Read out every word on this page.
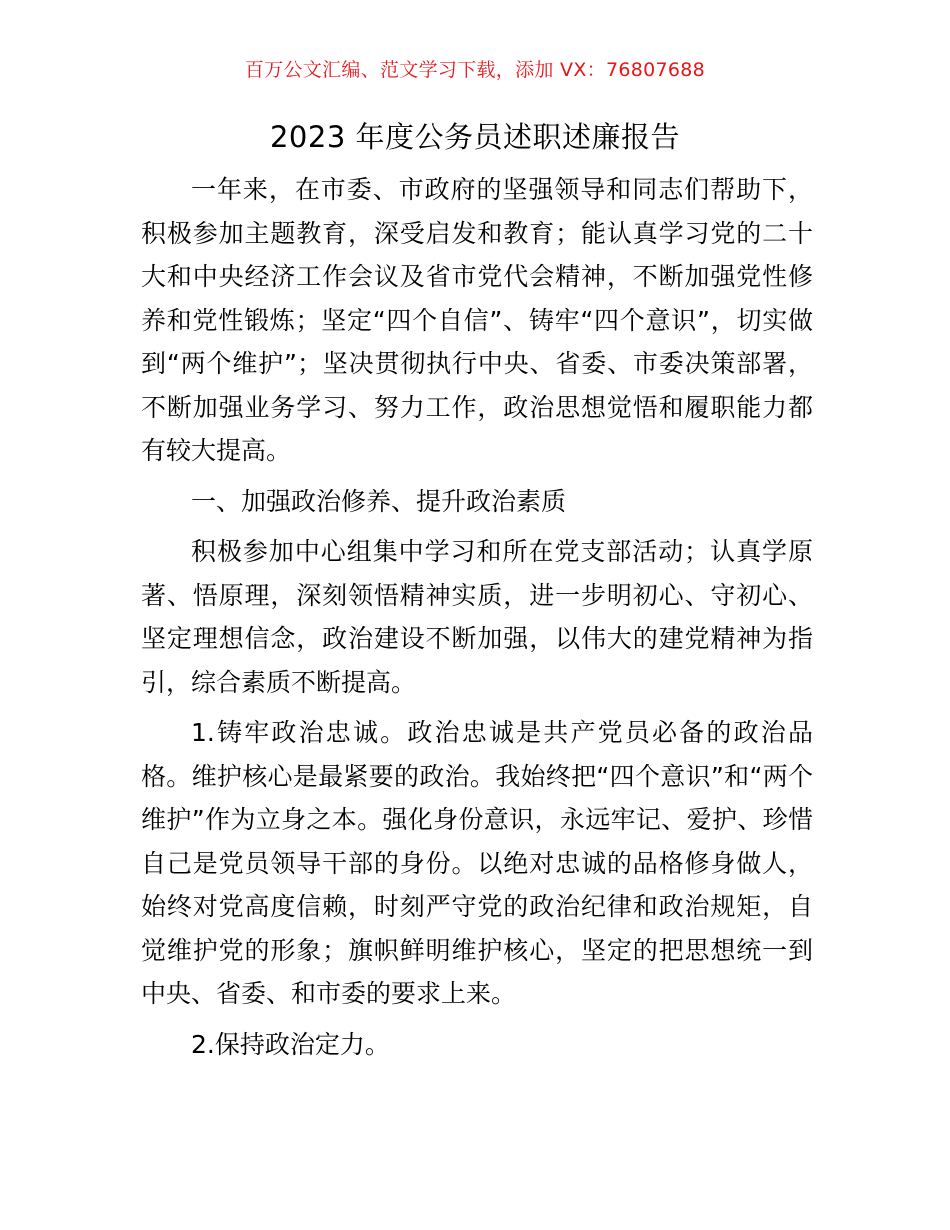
百万公文汇编、范文学习下载，添加 VX：76807688
2023 年度公务员述职述廉报告

一年来，在市委、市政府的坚强领导和同志们帮助下，积极参加主题教育，深受启发和教育；能认真学习党的二十大和中央经济工作会议及省市党代会精神，不断加强党性修养和党性锻炼；坚定“四个自信”、铸牢“四个意识”，切实做到“两个维护”；坚决贯彻执行中央、省委、市委决策部署，不断加强业务学习、努力工作，政治思想觉悟和履职能力都有较大提高。

一、加强政治修养、提升政治素质

积极参加中心组集中学习和所在党支部活动；认真学原著、悟原理，深刻领悟精神实质，进一步明初心、守初心、坚定理想信念，政治建设不断加强，以伟大的建党精神为指引，综合素质不断提高。

1.铸牢政治忠诚。政治忠诚是共产党员必备的政治品格。维护核心是最紧要的政治。我始终把“四个意识”和“两个维护”作为立身之本。强化身份意识，永远牢记、爱护、珍惜自己是党员领导干部的身份。以绝对忠诚的品格修身做人，始终对党高度信赖，时刻严守党的政治纪律和政治规矩，自觉维护党的形象；旗帜鲜明维护核心，坚定的把思想统一到中央、省委、和市委的要求上来。

2.保持政治定力。
